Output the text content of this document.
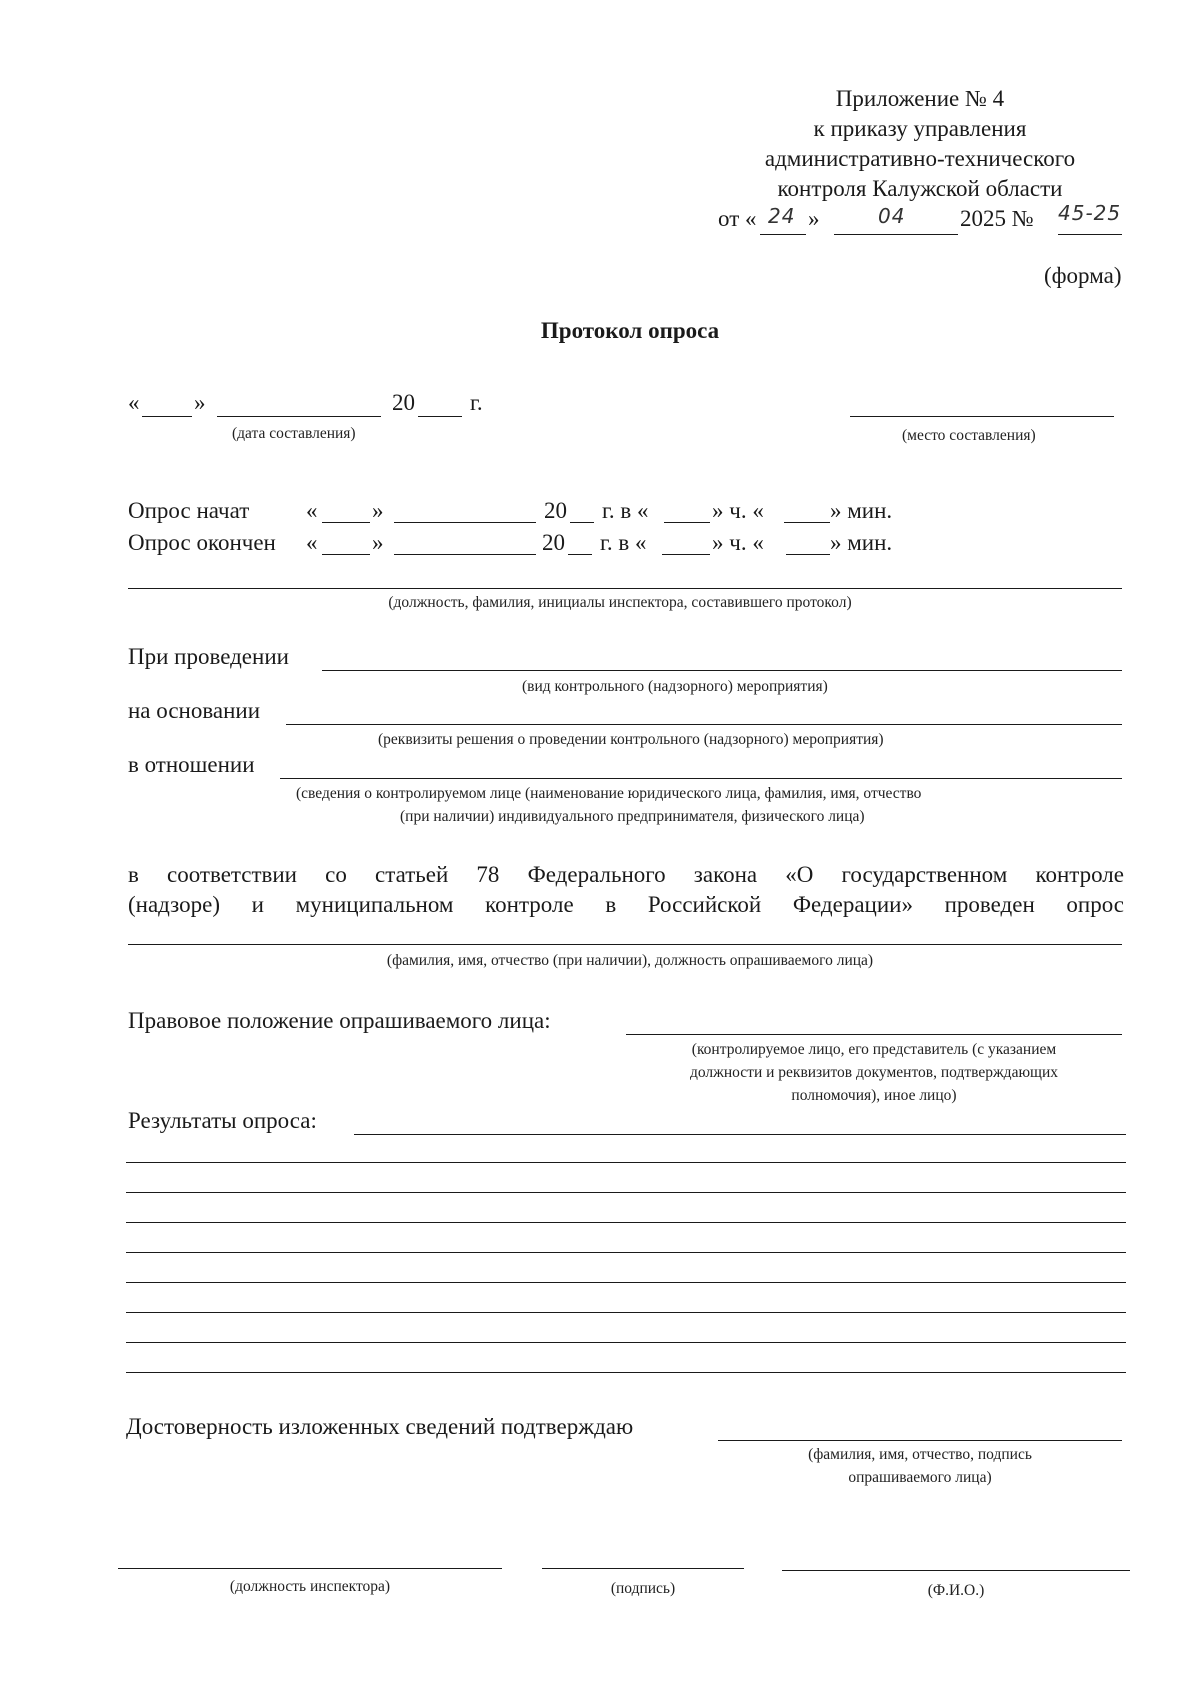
Приложение № 4
к приказу управления
административно-технического
контроля Калужской области
от « 24 »	04 2025 № 45-25
(форма)
Протокол опроса
« »	20 г.
(дата составления)	(место составления)
Опрос начат « »	20 г. в «	» ч. «	» мин.
Опрос окончен « »	20 г. в «	» ч. «	» мин.
(должность, фамилия, инициалы инспектора, составившего протокол)
При проведении
(вид контрольного (надзорного) мероприятия)
на основании
(реквизиты решения о проведении контрольного (надзорного) мероприятия)
в отношении
(сведения о контролируемом лице (наименование юридического лица, фамилия, имя, отчество
(при наличии) индивидуального предпринимателя, физического лица)
в соответствии со статьей 78 Федерального закона «О государственном контроле
(надзоре) и муниципальном контроле в Российской Федерации» проведен опрос
(фамилия, имя, отчество (при наличии), должность опрашиваемого лица)
Правовое положение опрашиваемого лица:
(контролируемое лицо, его представитель (с указанием
должности и реквизитов документов, подтверждающих
полномочия), иное лицо)
Результаты опроса:
Достоверность изложенных сведений подтверждаю
(фамилия, имя, отчество, подпись
опрашиваемого лица)
(должность инспектора)	(подпись)	(Ф.И.О.)
